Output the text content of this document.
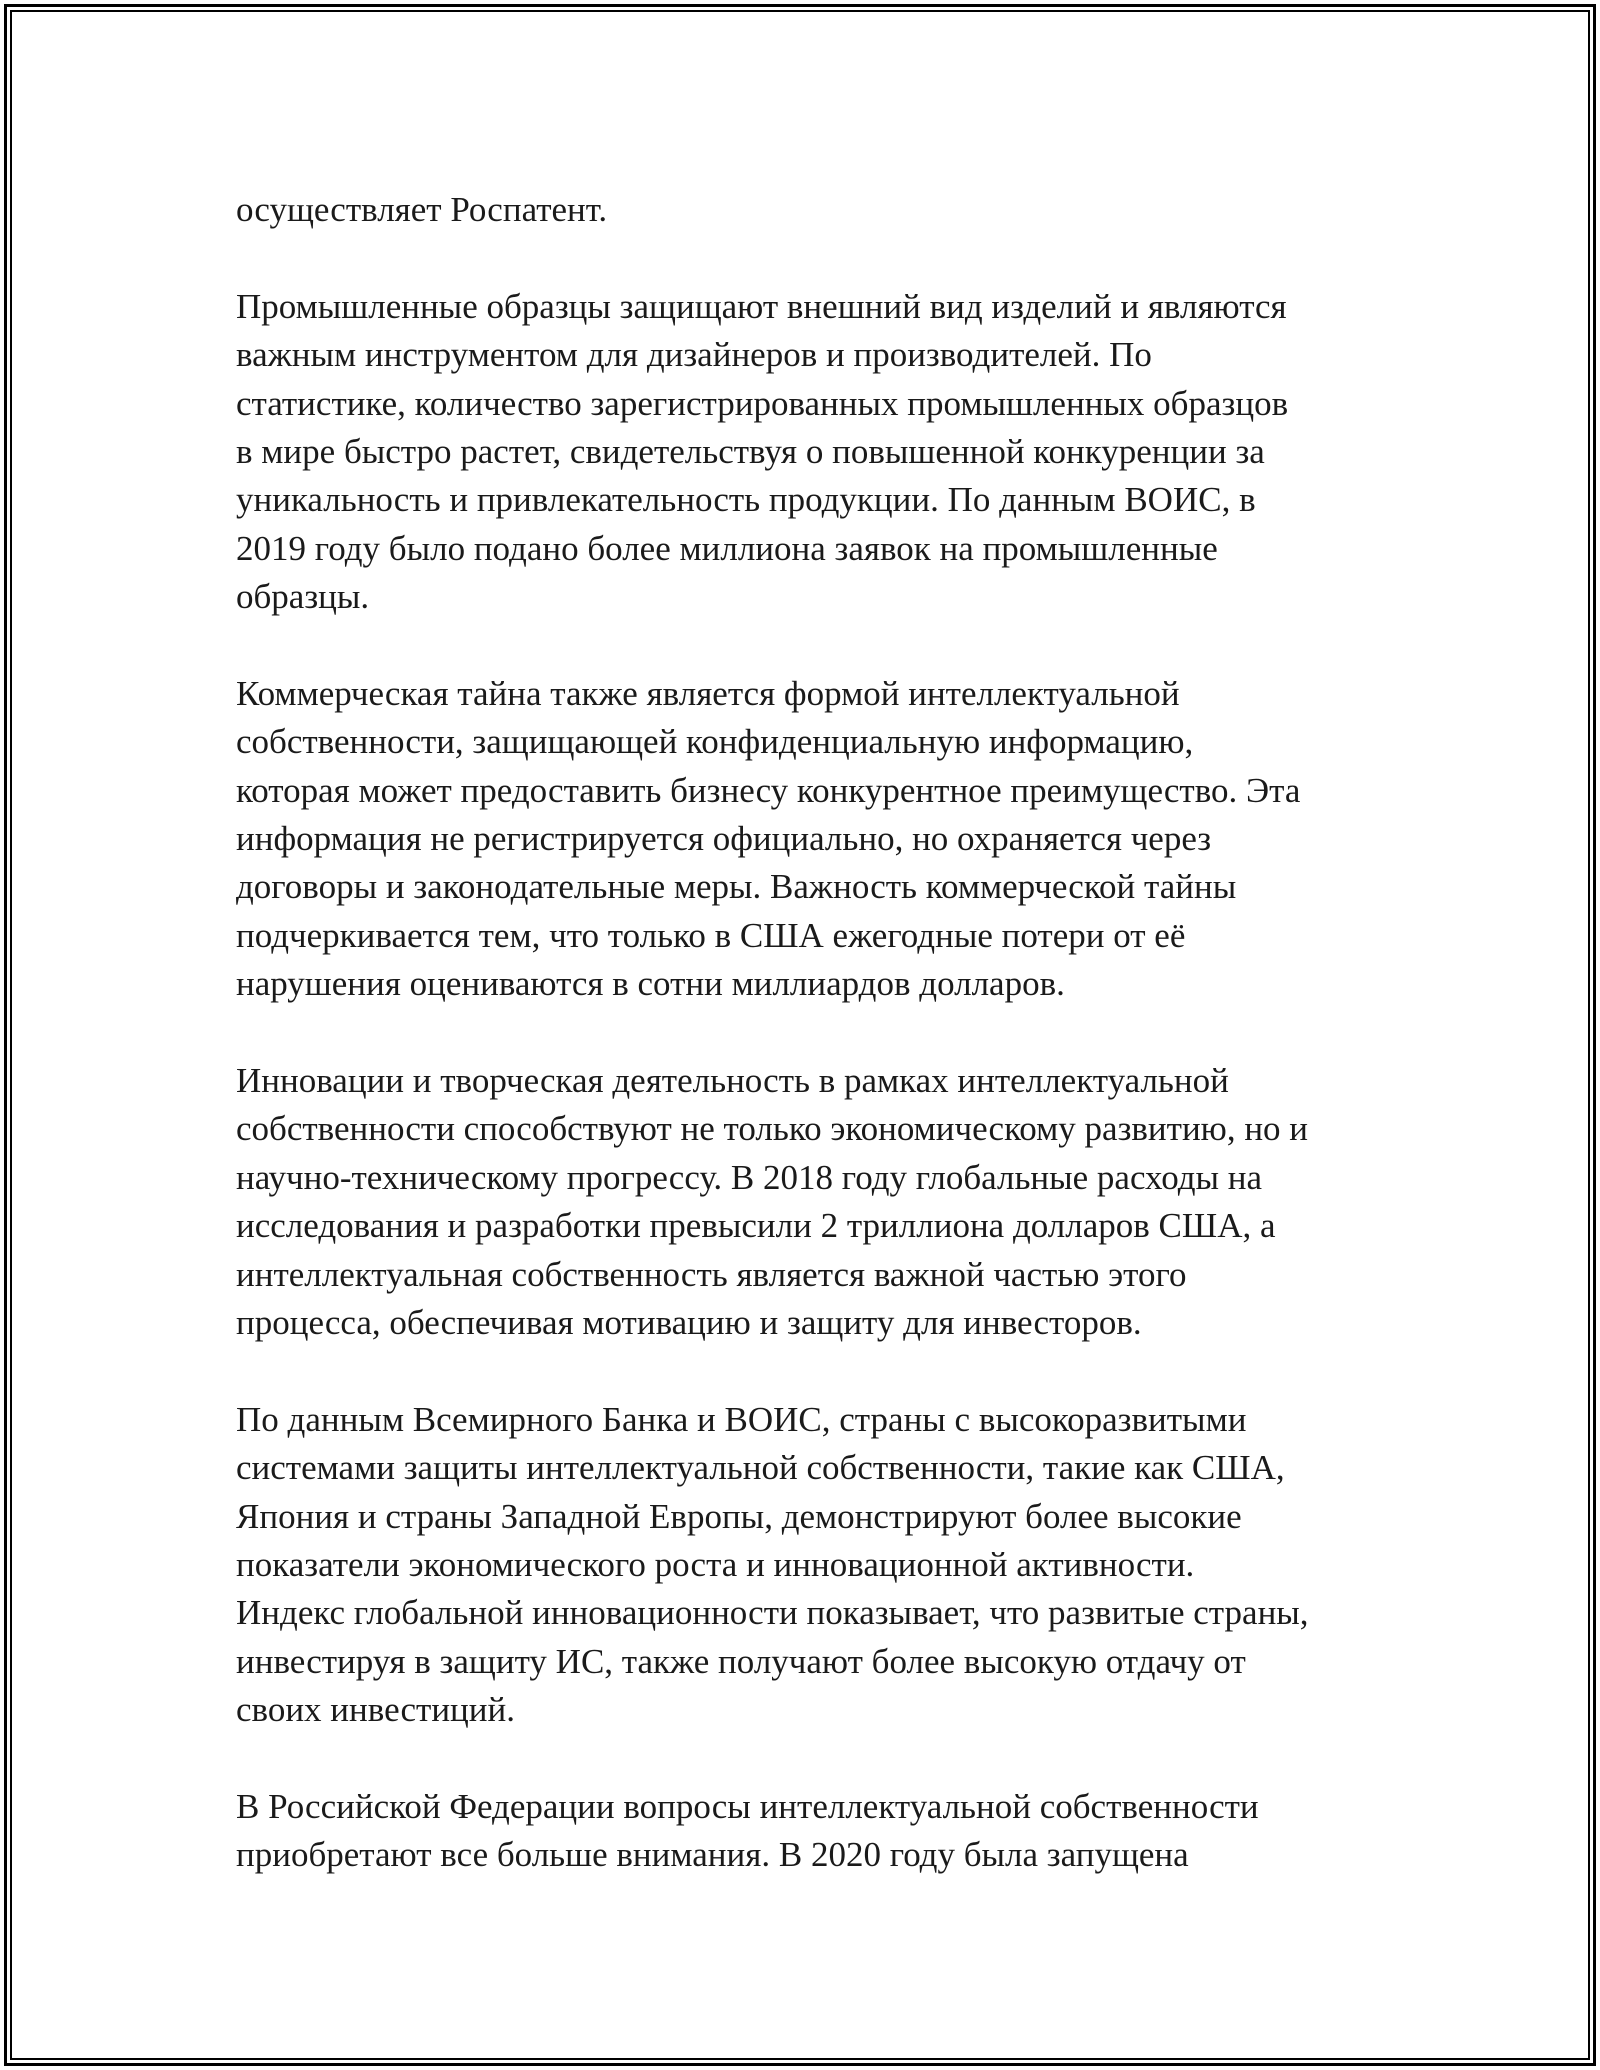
осуществляет Роспатент.
Промышленные образцы защищают внешний вид изделий и являются
важным инструментом для дизайнеров и производителей. По
статистике, количество зарегистрированных промышленных образцов
в мире быстро растет, свидетельствуя о повышенной конкуренции за
уникальность и привлекательность продукции. По данным ВОИС, в
2019 году было подано более миллиона заявок на промышленные
образцы.
Коммерческая тайна также является формой интеллектуальной
собственности, защищающей конфиденциальную информацию,
которая может предоставить бизнесу конкурентное преимущество. Эта
информация не регистрируется официально, но охраняется через
договоры и законодательные меры. Важность коммерческой тайны
подчеркивается тем, что только в США ежегодные потери от её
нарушения оцениваются в сотни миллиардов долларов.
Инновации и творческая деятельность в рамках интеллектуальной
собственности способствуют не только экономическому развитию, но и
научно-техническому прогрессу. В 2018 году глобальные расходы на
исследования и разработки превысили 2 триллиона долларов США, а
интеллектуальная собственность является важной частью этого
процесса, обеспечивая мотивацию и защиту для инвесторов.
По данным Всемирного Банка и ВОИС, страны с высокоразвитыми
системами защиты интеллектуальной собственности, такие как США,
Япония и страны Западной Европы, демонстрируют более высокие
показатели экономического роста и инновационной активности.
Индекс глобальной инновационности показывает, что развитые страны,
инвестируя в защиту ИС, также получают более высокую отдачу от
своих инвестиций.
В Российской Федерации вопросы интеллектуальной собственности
приобретают все больше внимания. В 2020 году была запущена
